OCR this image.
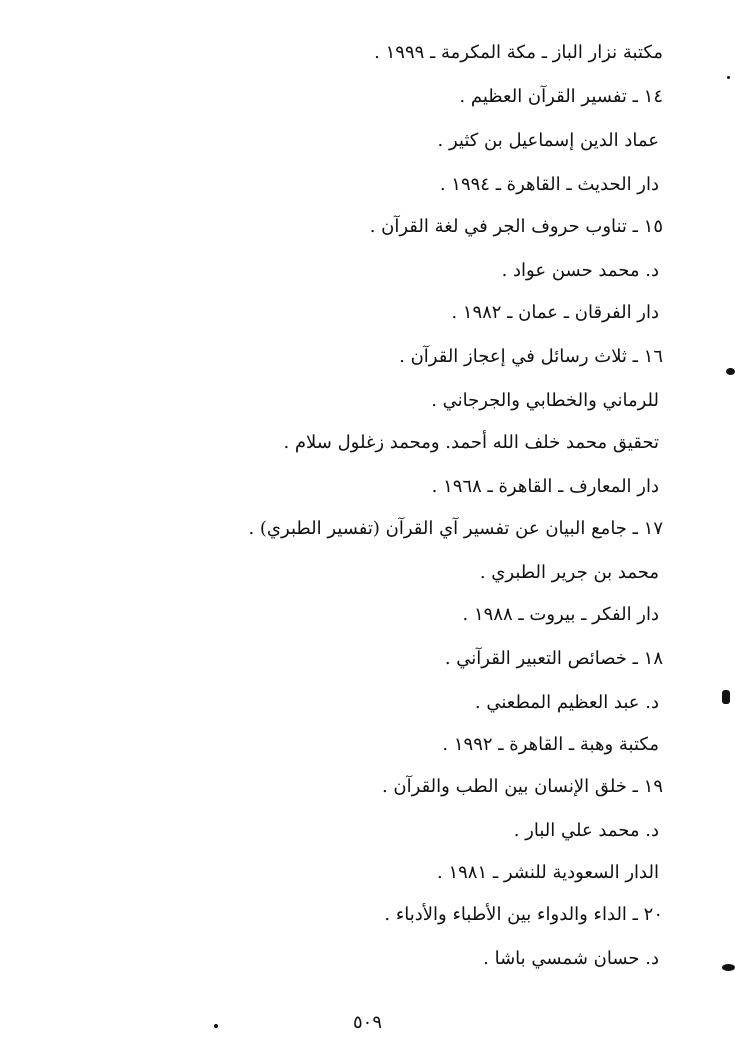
مكتبة نزار الباز ـ مكة المكرمة ـ ١٩٩٩ .
١٤ ـ تفسير القرآن العظيم .
عماد الدين إسماعيل بن كثير .
دار الحديث ـ القاهرة ـ ١٩٩٤ .
١٥ ـ تناوب حروف الجر في لغة القرآن .
د. محمد حسن عواد .
دار الفرقان ـ عمان ـ ١٩٨٢ .
١٦ ـ ثلاث رسائل في إعجاز القرآن .
للرماني والخطابي والجرجاني .
تحقيق محمد خلف الله أحمد. ومحمد زغلول سلام .
دار المعارف ـ القاهرة ـ ١٩٦٨ .
١٧ ـ جامع البيان عن تفسير آي القرآن (تفسير الطبري) .
محمد بن جرير الطبري .
دار الفكر ـ بيروت ـ ١٩٨٨ .
١٨ ـ خصائص التعبير القرآني .
د. عبد العظيم المطعني .
مكتبة وهبة ـ القاهرة ـ ١٩٩٢ .
١٩ ـ خلق الإنسان بين الطب والقرآن .
د. محمد علي البار .
الدار السعودية للنشر ـ ١٩٨١ .
٢٠ ـ الداء والدواء بين الأطباء والأدباء .
د. حسان شمسي باشا .
٥٠٩
